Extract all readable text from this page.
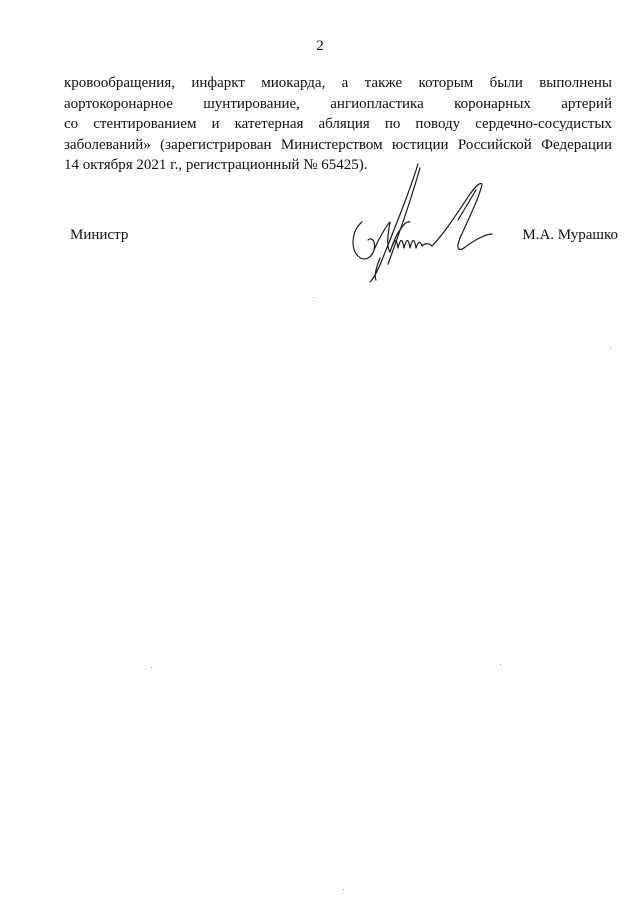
2
кровообращения, инфаркт миокарда, а также которым были выполнены
аортокоронарное шунтирование, ангиопластика коронарных артерий
со стентированием и катетерная абляция по поводу сердечно-сосудистых
заболеваний» (зарегистрирован Министерством юстиции Российской Федерации
14 октября 2021 г., регистрационный № 65425).
Министр	М.А. Мурашко
